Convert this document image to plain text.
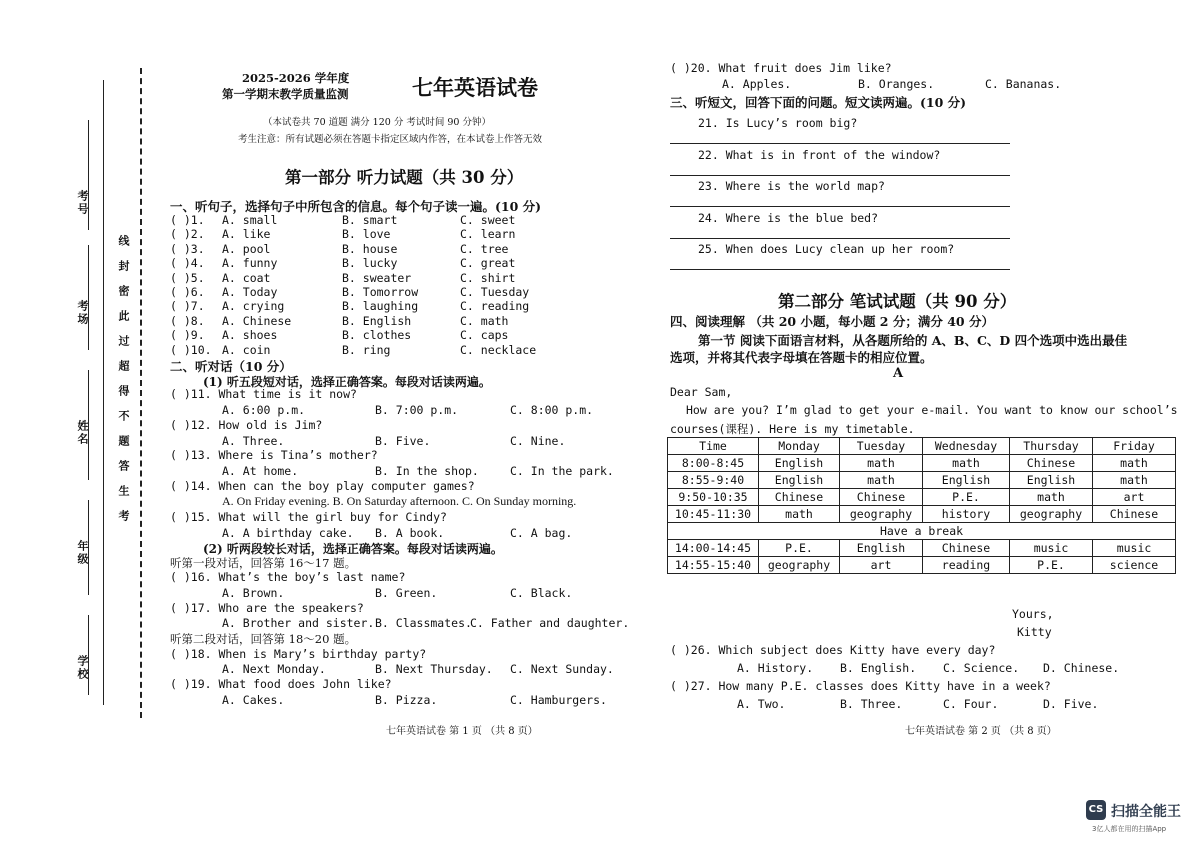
考号
考场
姓名
年级
学校
线封密此过超得不题答生考
2025-2026 学年度
第一学期末教学质量监测	七年英语试卷
（本试卷共 70 道题 满分 120 分 考试时间 90 分钟）
考生注意：所有试题必须在答题卡指定区域内作答，在本试卷上作答无效
第一部分 听力试题（共 30 分）
一、听句子，选择句子中所包含的信息。每个句子读一遍。(10 分)
( )1. A. small	B. smart	C. sweet
( )2. A. like	B. love	C. learn
( )3. A. pool	B. house	C. tree
( )4. A. funny	B. lucky	C. great
( )5. A. coat	B. sweater	C. shirt
( )6. A. Today	B. Tomorrow	C. Tuesday
( )7. A. crying	B. laughing	C. reading
( )8. A. Chinese	B. English	C. math
( )9. A. shoes	B. clothes	C. caps
( )10. A. coin	B. ring	C. necklace
二、听对话（10 分）
(1) 听五段短对话，选择正确答案。每段对话读两遍。
( )11. What time is it now?
A. 6:00 p.m.	B. 7:00 p.m.	C. 8:00 p.m.
( )12. How old is Jim?
A. Three.	B. Five.	C. Nine.
( )13. Where is Tina’s mother?
A. At home.	B. In the shop.	C. In the park.
( )14. When can the boy play computer games?
A. On Friday evening. B. On Saturday afternoon. C. On Sunday morning.
( )15. What will the girl buy for Cindy?
A. A birthday cake. B. A book.	C. A bag.
(2) 听两段较长对话，选择正确答案。每段对话读两遍。
听第一段对话，回答第 16～17 题。
( )16. What’s the boy’s last name?
A. Brown.	B. Green.	C. Black.
( )17. Who are the speakers?
A. Brother and sister. B. Classmates.
C. Father and daughter.
听第二段对话，回答第 18～20 题。
( )18. When is Mary’s birthday party?
A. Next Monday.	B. Next Thursday. C. Next Sunday.
( )19. What food does John like?
A. Cakes.	B. Pizza.	C. Hamburgers.
七年英语试卷 第 1 页 （共 8 页）
( )20. What fruit does Jim like?
A. Apples.	B. Oranges.	C. Bananas.
三、听短文，回答下面的问题。短文读两遍。(10 分)
21. Is Lucy’s room big?
22. What is in front of the window?
23. Where is the world map?
24. Where is the blue bed?
25. When does Lucy clean up her room?
第二部分 笔试试题（共 90 分）
四、阅读理解 （共 20 小题，每小题 2 分；满分 40 分）
第一节 阅读下面语言材料，从各题所给的 A、B、C、D 四个选项中选出最佳
选项，并将其代表字母填在答题卡的相应位置。
A
Dear Sam,
How are you? I’m glad to get your e-mail. You want to know our school’s
courses(课程). Here is my timetable.
Time	Monday	Tuesday	Wednesday	Thursday	Friday
8:00-8:45	English	math	math	Chinese	math
8:55-9:40	English	math	English	English	math
9:50-10:35	Chinese	Chinese	P.E.	math	art
10:45-11:30	math	geography	history	geography	Chinese
Have a break					
14:00-14:45	P.E.	English	Chinese	music	music
14:55-15:40	geography	art	reading	P.E.	science
Yours,
Kitty
( )26. Which subject does Kitty have every day?
A. History. B. English. C. Science. D. Chinese.
( )27. How many P.E. classes does Kitty have in a week?
A. Two.	B. Three.	C. Four.	D. Five.
七年英语试卷 第 2 页 （共 8 页）
CS 扫描全能王
3亿人都在用的扫描App
